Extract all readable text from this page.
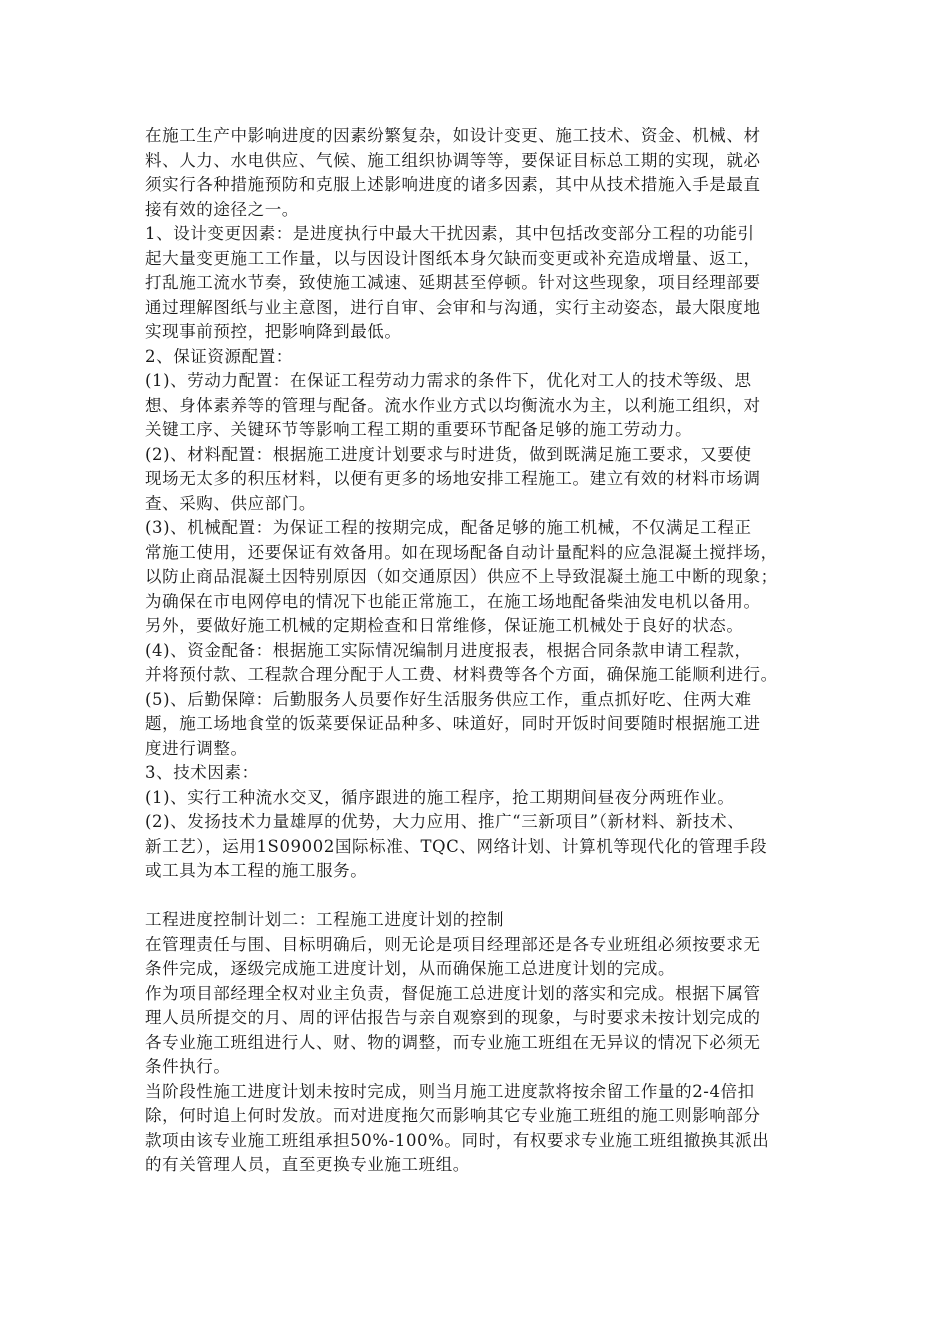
在施工生产中影响进度的因素纷繁复杂，如设计变更、施工技术、资金、机械、材
料、人力、水电供应、气候、施工组织协调等等，要保证目标总工期的实现，就必
须实行各种措施预防和克服上述影响进度的诸多因素，其中从技术措施入手是最直
接有效的途径之一。
1、设计变更因素：是进度执行中最大干扰因素，其中包括改变部分工程的功能引
起大量变更施工工作量，以与因设计图纸本身欠缺而变更或补充造成增量、返工，
打乱施工流水节奏，致使施工减速、延期甚至停顿。针对这些现象，项目经理部要
通过理解图纸与业主意图，进行自审、会审和与沟通，实行主动姿态，最大限度地
实现事前预控，把影响降到最低。
2、保证资源配置：
(1)、劳动力配置：在保证工程劳动力需求的条件下，优化对工人的技术等级、思
想、身体素养等的管理与配备。流水作业方式以均衡流水为主，以利施工组织，对
关键工序、关键环节等影响工程工期的重要环节配备足够的施工劳动力。
(2)、材料配置：根据施工进度计划要求与时进货，做到既满足施工要求，又要使
现场无太多的积压材料，以便有更多的场地安排工程施工。建立有效的材料市场调
查、采购、供应部门。
(3)、机械配置：为保证工程的按期完成，配备足够的施工机械，不仅满足工程正
常施工使用，还要保证有效备用。如在现场配备自动计量配料的应急混凝土搅拌场，
以防止商品混凝土因特别原因（如交通原因）供应不上导致混凝土施工中断的现象；
为确保在市电网停电的情况下也能正常施工，在施工场地配备柴油发电机以备用。
另外，要做好施工机械的定期检查和日常维修，保证施工机械处于良好的状态。
(4)、资金配备：根据施工实际情况编制月进度报表，根据合同条款申请工程款，
并将预付款、工程款合理分配于人工费、材料费等各个方面，确保施工能顺利进行。
(5)、后勤保障：后勤服务人员要作好生活服务供应工作，重点抓好吃、住两大难
题，施工场地食堂的饭菜要保证品种多、味道好，同时开饭时间要随时根据施工进
度进行调整。
3、技术因素：
(1)、实行工种流水交叉，循序跟进的施工程序，抢工期期间昼夜分两班作业。
(2)、发扬技术力量雄厚的优势，大力应用、推广“三新项目”（新材料、新技术、
新工艺），运用1S09002国际标准、TQC、网络计划、计算机等现代化的管理手段
或工具为本工程的施工服务。
工程进度控制计划二：工程施工进度计划的控制
在管理责任与围、目标明确后，则无论是项目经理部还是各专业班组必须按要求无
条件完成，逐级完成施工进度计划，从而确保施工总进度计划的完成。
作为项目部经理全权对业主负责，督促施工总进度计划的落实和完成。根据下属管
理人员所提交的月、周的评估报告与亲自观察到的现象，与时要求未按计划完成的
各专业施工班组进行人、财、物的调整，而专业施工班组在无异议的情况下必须无
条件执行。
当阶段性施工进度计划未按时完成，则当月施工进度款将按余留工作量的2-4倍扣
除，何时追上何时发放。而对进度拖欠而影响其它专业施工班组的施工则影响部分
款项由该专业施工班组承担50%-100%。同时，有权要求专业施工班组撤换其派出
的有关管理人员，直至更换专业施工班组。
